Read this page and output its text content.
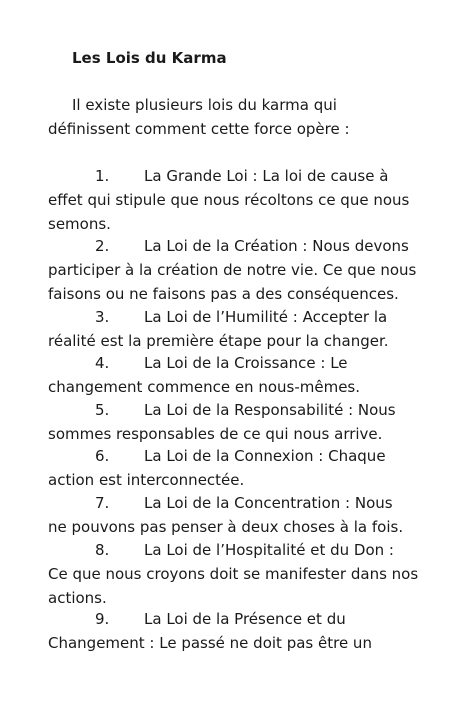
Les Lois du Karma
Il existe plusieurs lois du karma qui
définissent comment cette force opère :
1. La Grande Loi : La loi de cause à
effet qui stipule que nous récoltons ce que nous
semons.
2. La Loi de la Création : Nous devons
participer à la création de notre vie. Ce que nous
faisons ou ne faisons pas a des conséquences.
3. La Loi de l’Humilité : Accepter la
réalité est la première étape pour la changer.
4. La Loi de la Croissance : Le
changement commence en nous-mêmes.
5. La Loi de la Responsabilité : Nous
sommes responsables de ce qui nous arrive.
6. La Loi de la Connexion : Chaque
action est interconnectée.
7. La Loi de la Concentration : Nous
ne pouvons pas penser à deux choses à la fois.
8. La Loi de l’Hospitalité et du Don :
Ce que nous croyons doit se manifester dans nos
actions.
9. La Loi de la Présence et du
Changement : Le passé ne doit pas être un
